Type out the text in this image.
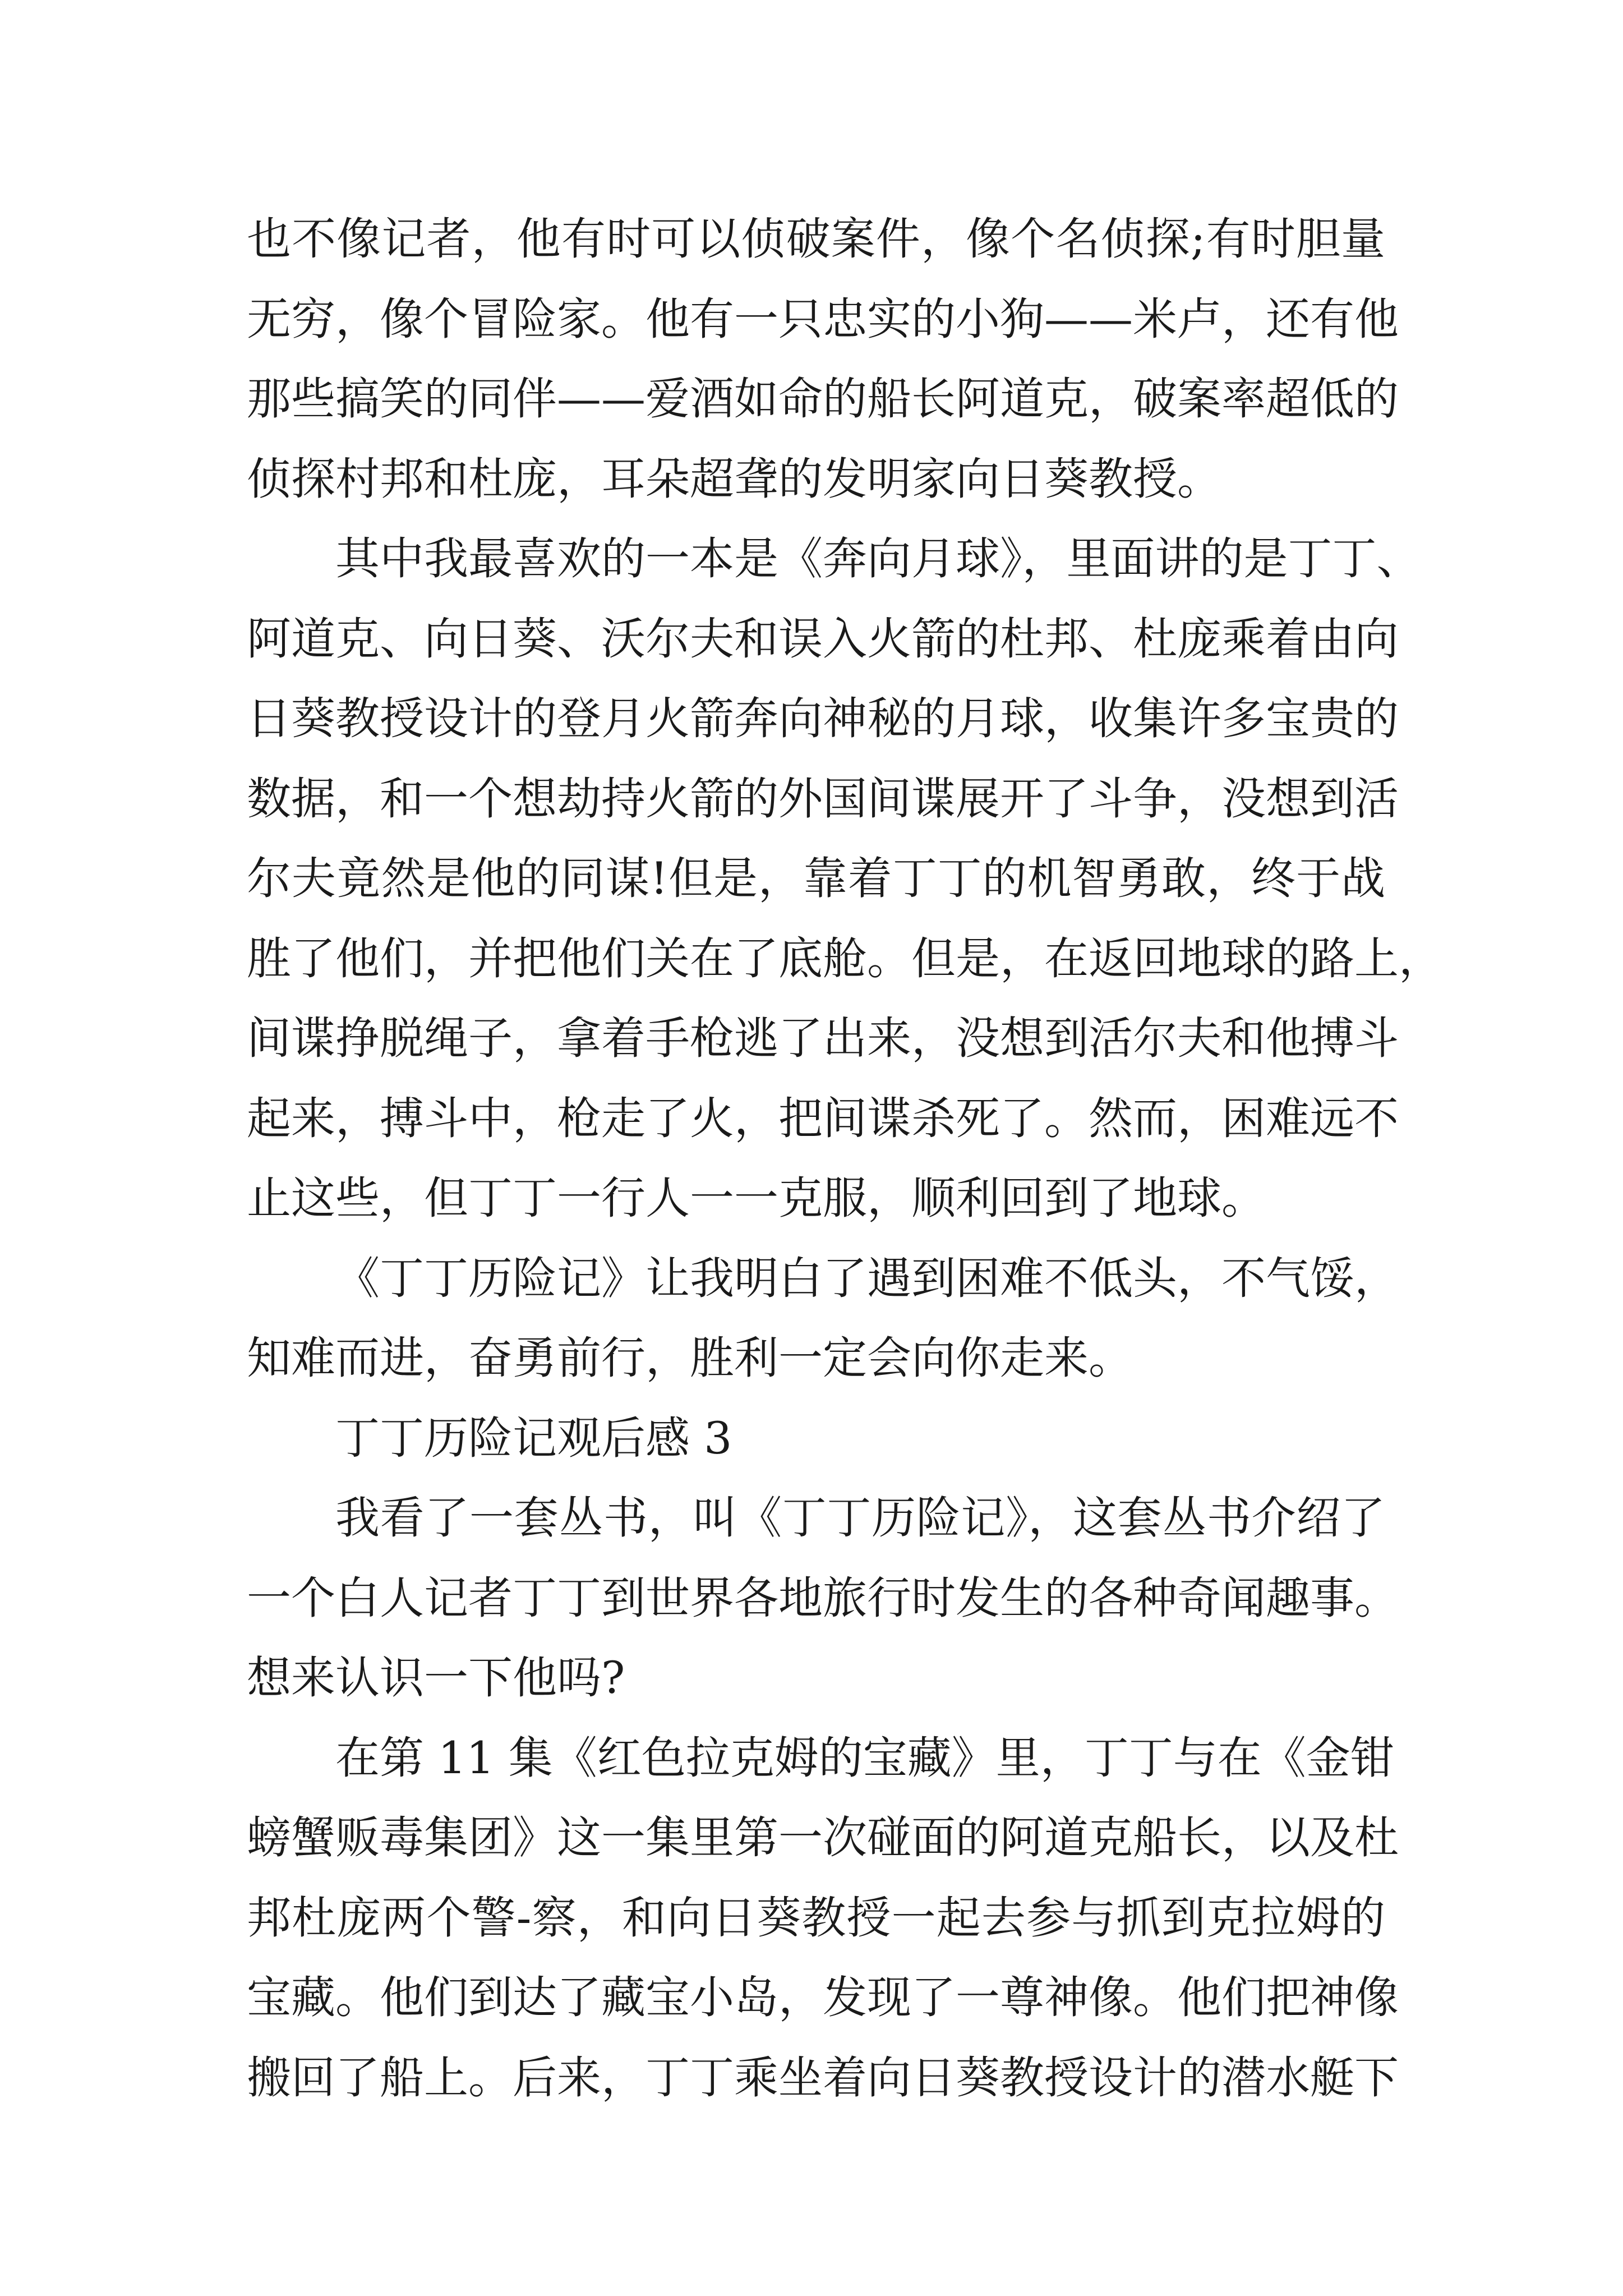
也不像记者，他有时可以侦破案件，像个名侦探;有时胆量
无穷，像个冒险家。他有一只忠实的小狗——米卢，还有他
那些搞笑的同伴——爱酒如命的船长阿道克，破案率超低的
侦探村邦和杜庞，耳朵超聋的发明家向日葵教授。
其中我最喜欢的一本是《奔向月球》，里面讲的是丁丁、
阿道克、向日葵、沃尔夫和误入火箭的杜邦、杜庞乘着由向
日葵教授设计的登月火箭奔向神秘的月球，收集许多宝贵的
数据，和一个想劫持火箭的外国间谍展开了斗争，没想到活
尔夫竟然是他的同谋!但是，靠着丁丁的机智勇敢，终于战
胜了他们，并把他们关在了底舱。但是，在返回地球的路上，
间谍挣脱绳子，拿着手枪逃了出来，没想到活尔夫和他搏斗
起来，搏斗中，枪走了火，把间谍杀死了。然而，困难远不
止这些，但丁丁一行人一一克服，顺利回到了地球。
《丁丁历险记》让我明白了遇到困难不低头，不气馁，
知难而进，奋勇前行，胜利一定会向你走来。
丁丁历险记观后感 3
我看了一套丛书，叫《丁丁历险记》，这套丛书介绍了
一个白人记者丁丁到世界各地旅行时发生的各种奇闻趣事。
想来认识一下他吗?
在第 11 集《红色拉克姆的宝藏》里，丁丁与在《金钳
螃蟹贩毒集团》这一集里第一次碰面的阿道克船长，以及杜
邦杜庞两个警-察，和向日葵教授一起去参与抓到克拉姆的
宝藏。他们到达了藏宝小岛，发现了一尊神像。他们把神像
搬回了船上。后来，丁丁乘坐着向日葵教授设计的潜水艇下
